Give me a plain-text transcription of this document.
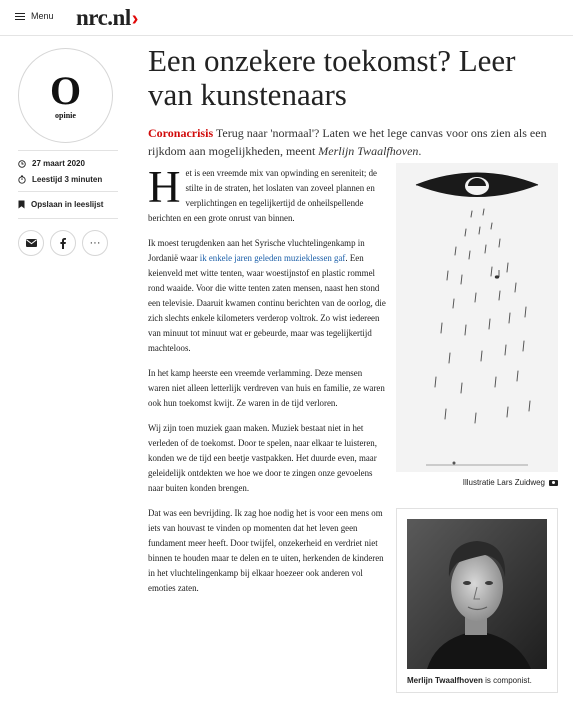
Menu nrc .nl ›
O
opinie
27 maart 2020
Leestijd 3 minuten
Opslaan in leeslijst
···
Een onzekere toekomst? Leer van kunstenaars

Coronacrisis Terug naar 'normaal'? Laten we het lege canvas voor ons zien als een rijkdom aan mogelijkheden, meent Merlijn Twaalfhoven.

Het is een vreemde mix van opwinding en sereniteit; de stilte in de straten, het loslaten van zoveel plannen en verplichtingen en tegelijkertijd de onheilspellende berichten en een grote onrust van binnen.

Ik moest terugdenken aan het Syrische vluchtelingenkamp in Jordanië waar ik enkele jaren geleden muzieklessen gaf. Een keienveld met witte tenten, waar woestijnstof en plastic rommel rond waaide. Voor die witte tenten zaten mensen, naast hen stond een televisie. Daaruit kwamen continu berichten van de oorlog, die zich slechts enkele kilometers verderop voltrok. Zo wist iedereen van minuut tot minuut wat er gebeurde, maar was tegelijkertijd machteloos.

In het kamp heerste een vreemde verlamming. Deze mensen waren niet alleen letterlijk verdreven van huis en familie, ze waren ook hun toekomst kwijt. Ze waren in de tijd verloren.

Wij zijn toen muziek gaan maken. Muziek bestaat niet in het verleden of de toekomst. Door te spelen, naar elkaar te luisteren, konden we de tijd een beetje vastpakken. Het duurde even, maar geleidelijk ontdekten we hoe we door te zingen onze gevoelens naar buiten konden brengen.

Dat was een bevrijding. Ik zag hoe nodig het is voor een mens om iets van houvast te vinden op momenten dat het leven geen fundament meer heeft. Door twijfel, onzekerheid en verdriet niet binnen te houden maar te delen en te uiten, herkenden de kinderen in het vluchtelingenkamp bij elkaar hoezeer ook anderen vol emoties zaten.

Illustratie Lars Zuidweg
Merlijn Twaalfhoven is componist.
